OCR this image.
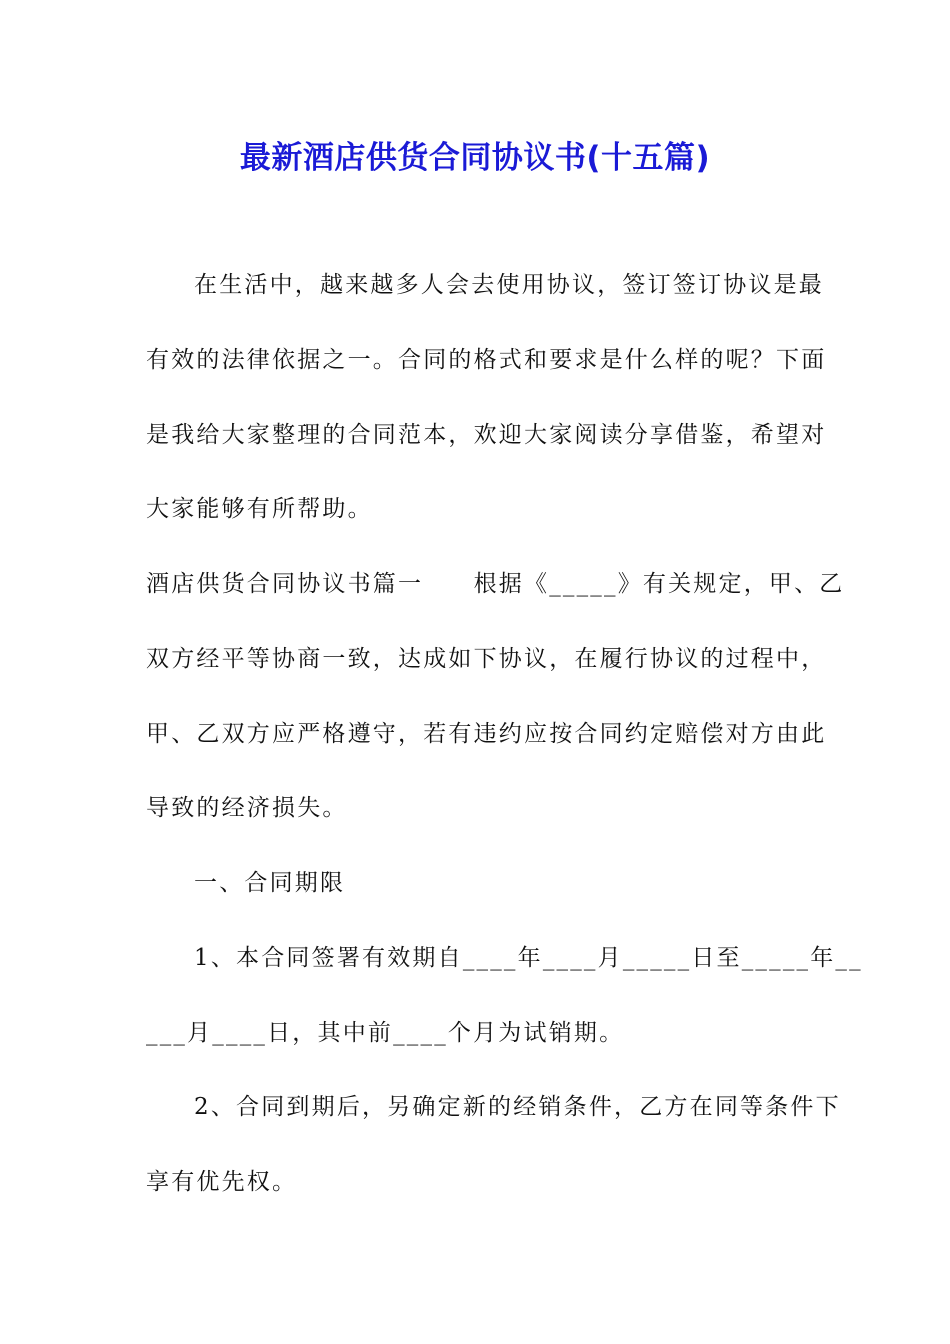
最新酒店供货合同协议书(十五篇)
在生活中，越来越多人会去使用协议，签订签订协议是最
有效的法律依据之一。合同的格式和要求是什么样的呢？下面
是我给大家整理的合同范本，欢迎大家阅读分享借鉴，希望对
大家能够有所帮助。
酒店供货合同协议书篇一　　根据《_____》有关规定，甲、乙
双方经平等协商一致，达成如下协议，在履行协议的过程中，
甲、乙双方应严格遵守，若有违约应按合同约定赔偿对方由此
导致的经济损失。
一、合同期限
1、本合同签署有效期自____年____月_____日至_____年__
___月____日，其中前____个月为试销期。
2、合同到期后，另确定新的经销条件，乙方在同等条件下
享有优先权。
